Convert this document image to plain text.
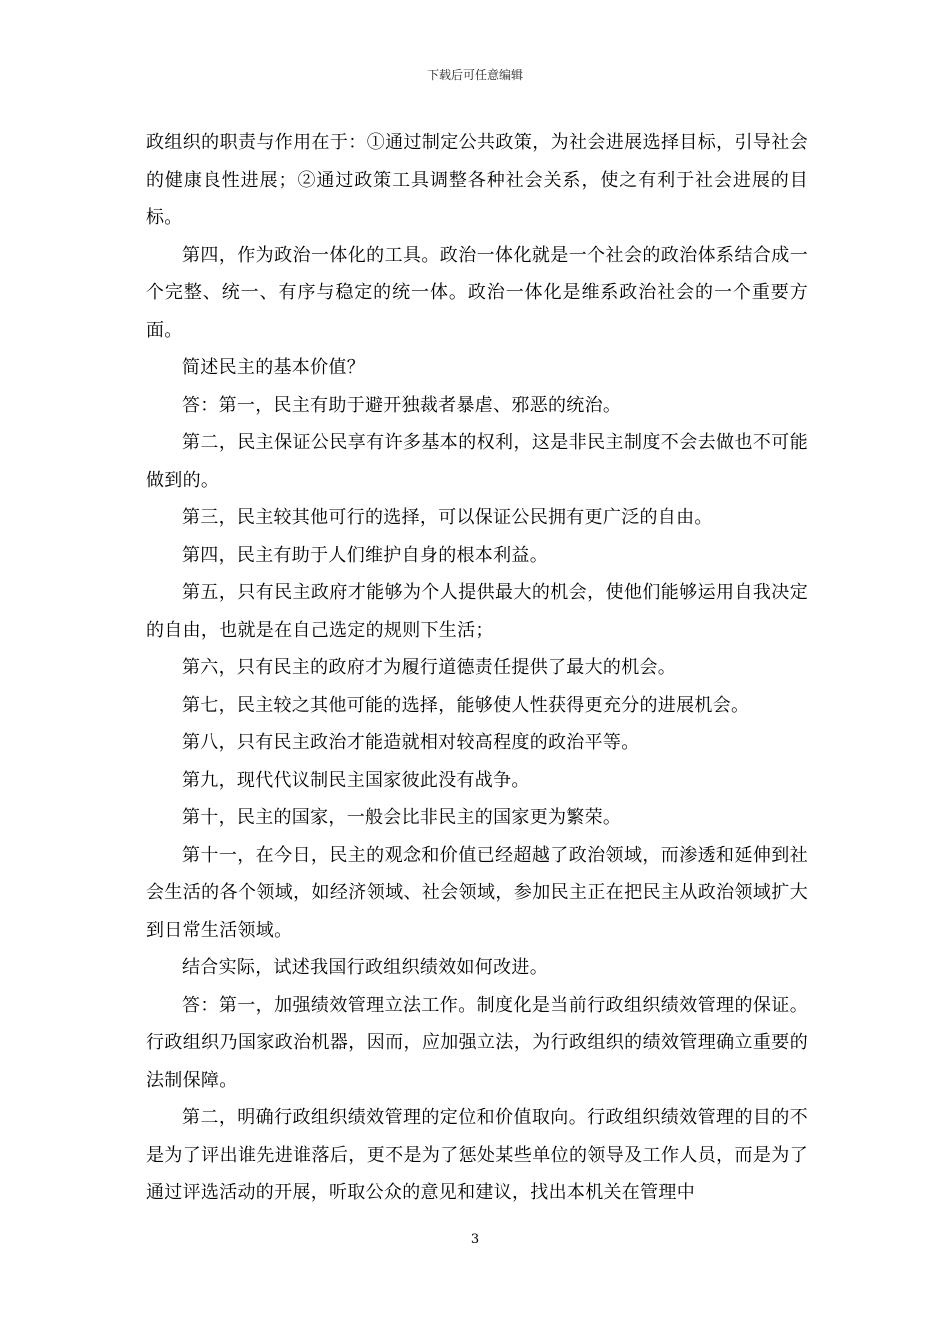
下载后可任意编辑

政组织的职责与作用在于：①通过制定公共政策，为社会进展选择目标，引导社会的健康良性进展；②通过政策工具调整各种社会关系，使之有利于社会进展的目标。

第四，作为政治一体化的工具。政治一体化就是一个社会的政治体系结合成一个完整、统一、有序与稳定的统一体。政治一体化是维系政治社会的一个重要方面。

简述民主的基本价值？

答：第一，民主有助于避开独裁者暴虐、邪恶的统治。

第二，民主保证公民享有许多基本的权利，这是非民主制度不会去做也不可能做到的。

第三，民主较其他可行的选择，可以保证公民拥有更广泛的自由。

第四，民主有助于人们维护自身的根本利益。

第五，只有民主政府才能够为个人提供最大的机会，使他们能够运用自我决定的自由，也就是在自己选定的规则下生活；

第六，只有民主的政府才为履行道德责任提供了最大的机会。

第七，民主较之其他可能的选择，能够使人性获得更充分的进展机会。

第八，只有民主政治才能造就相对较高程度的政治平等。

第九，现代代议制民主国家彼此没有战争。

第十，民主的国家，一般会比非民主的国家更为繁荣。

第十一，在今日，民主的观念和价值已经超越了政治领域，而渗透和延伸到社会生活的各个领域，如经济领域、社会领域，参加民主正在把民主从政治领域扩大到日常生活领域。

结合实际，试述我国行政组织绩效如何改进。

答：第一，加强绩效管理立法工作。制度化是当前行政组织绩效管理的保证。行政组织乃国家政治机器，因而，应加强立法，为行政组织的绩效管理确立重要的法制保障。

第二，明确行政组织绩效管理的定位和价值取向。行政组织绩效管理的目的不是为了评出谁先进谁落后，更不是为了惩处某些单位的领导及工作人员，而是为了通过评选活动的开展，听取公众的意见和建议，找出本机关在管理中

3
